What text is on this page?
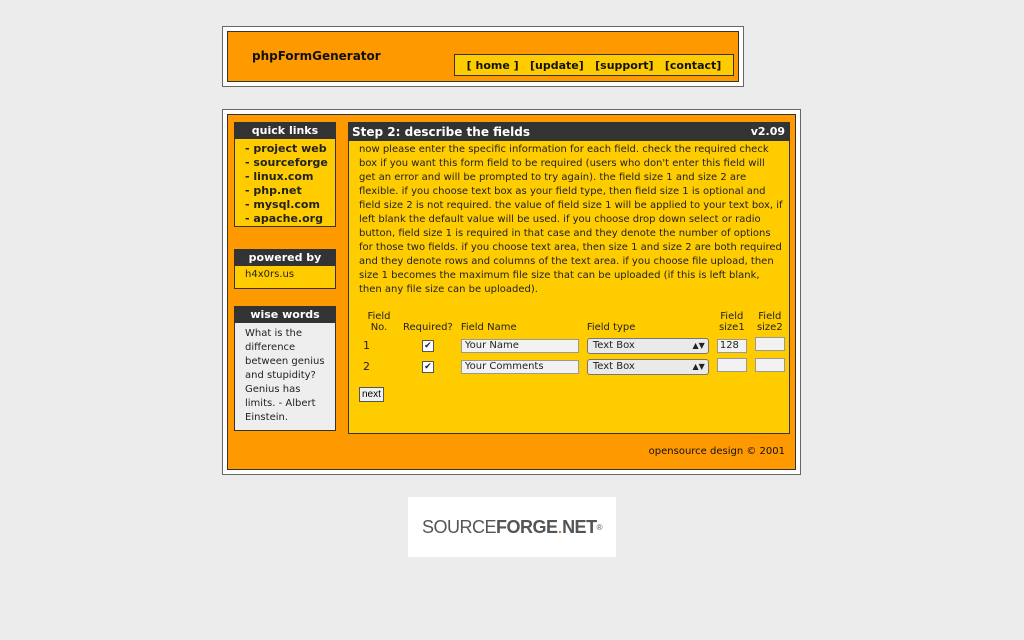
phpFormGenerator
[ home ] [update] [support] [contact]
quick links
- project web
- sourceforge
- linux.com
- php.net
- mysql.com
- apache.org
powered by
h4x0rs.us
wise words
What is the difference between genius and stupidity? Genius has limits. - Albert Einstein.
Step 2: describe the fields	v2.09
now please enter the specific information for each field. check the required check box if you want this form field to be required (users who don't enter this field will get an error and will be prompted to try again). the field size 1 and size 2 are flexible. if you choose text box as your field type, then field size 1 is optional and field size 2 is not required. the value of field size 1 will be applied to your text box, if left blank the default value will be used. if you choose drop down select or radio button, field size 1 is required in that case and they denote the number of options for those two fields. if you choose text area, then size 1 and size 2 are both required and they denote rows and columns of the text area. if you choose file upload, then size 1 becomes the maximum file size that can be uploaded (if this is left blank, then any file size can be uploaded).
Field No.	Required?	Field Name	Field type	Field size1	Field size2
1	✔	Your Name	Text Box ▲▼	128	
2	✔	Your Comments	Text Box ▲▼		

next
opensource design © 2001
SOURCE FORGE . NET ®
